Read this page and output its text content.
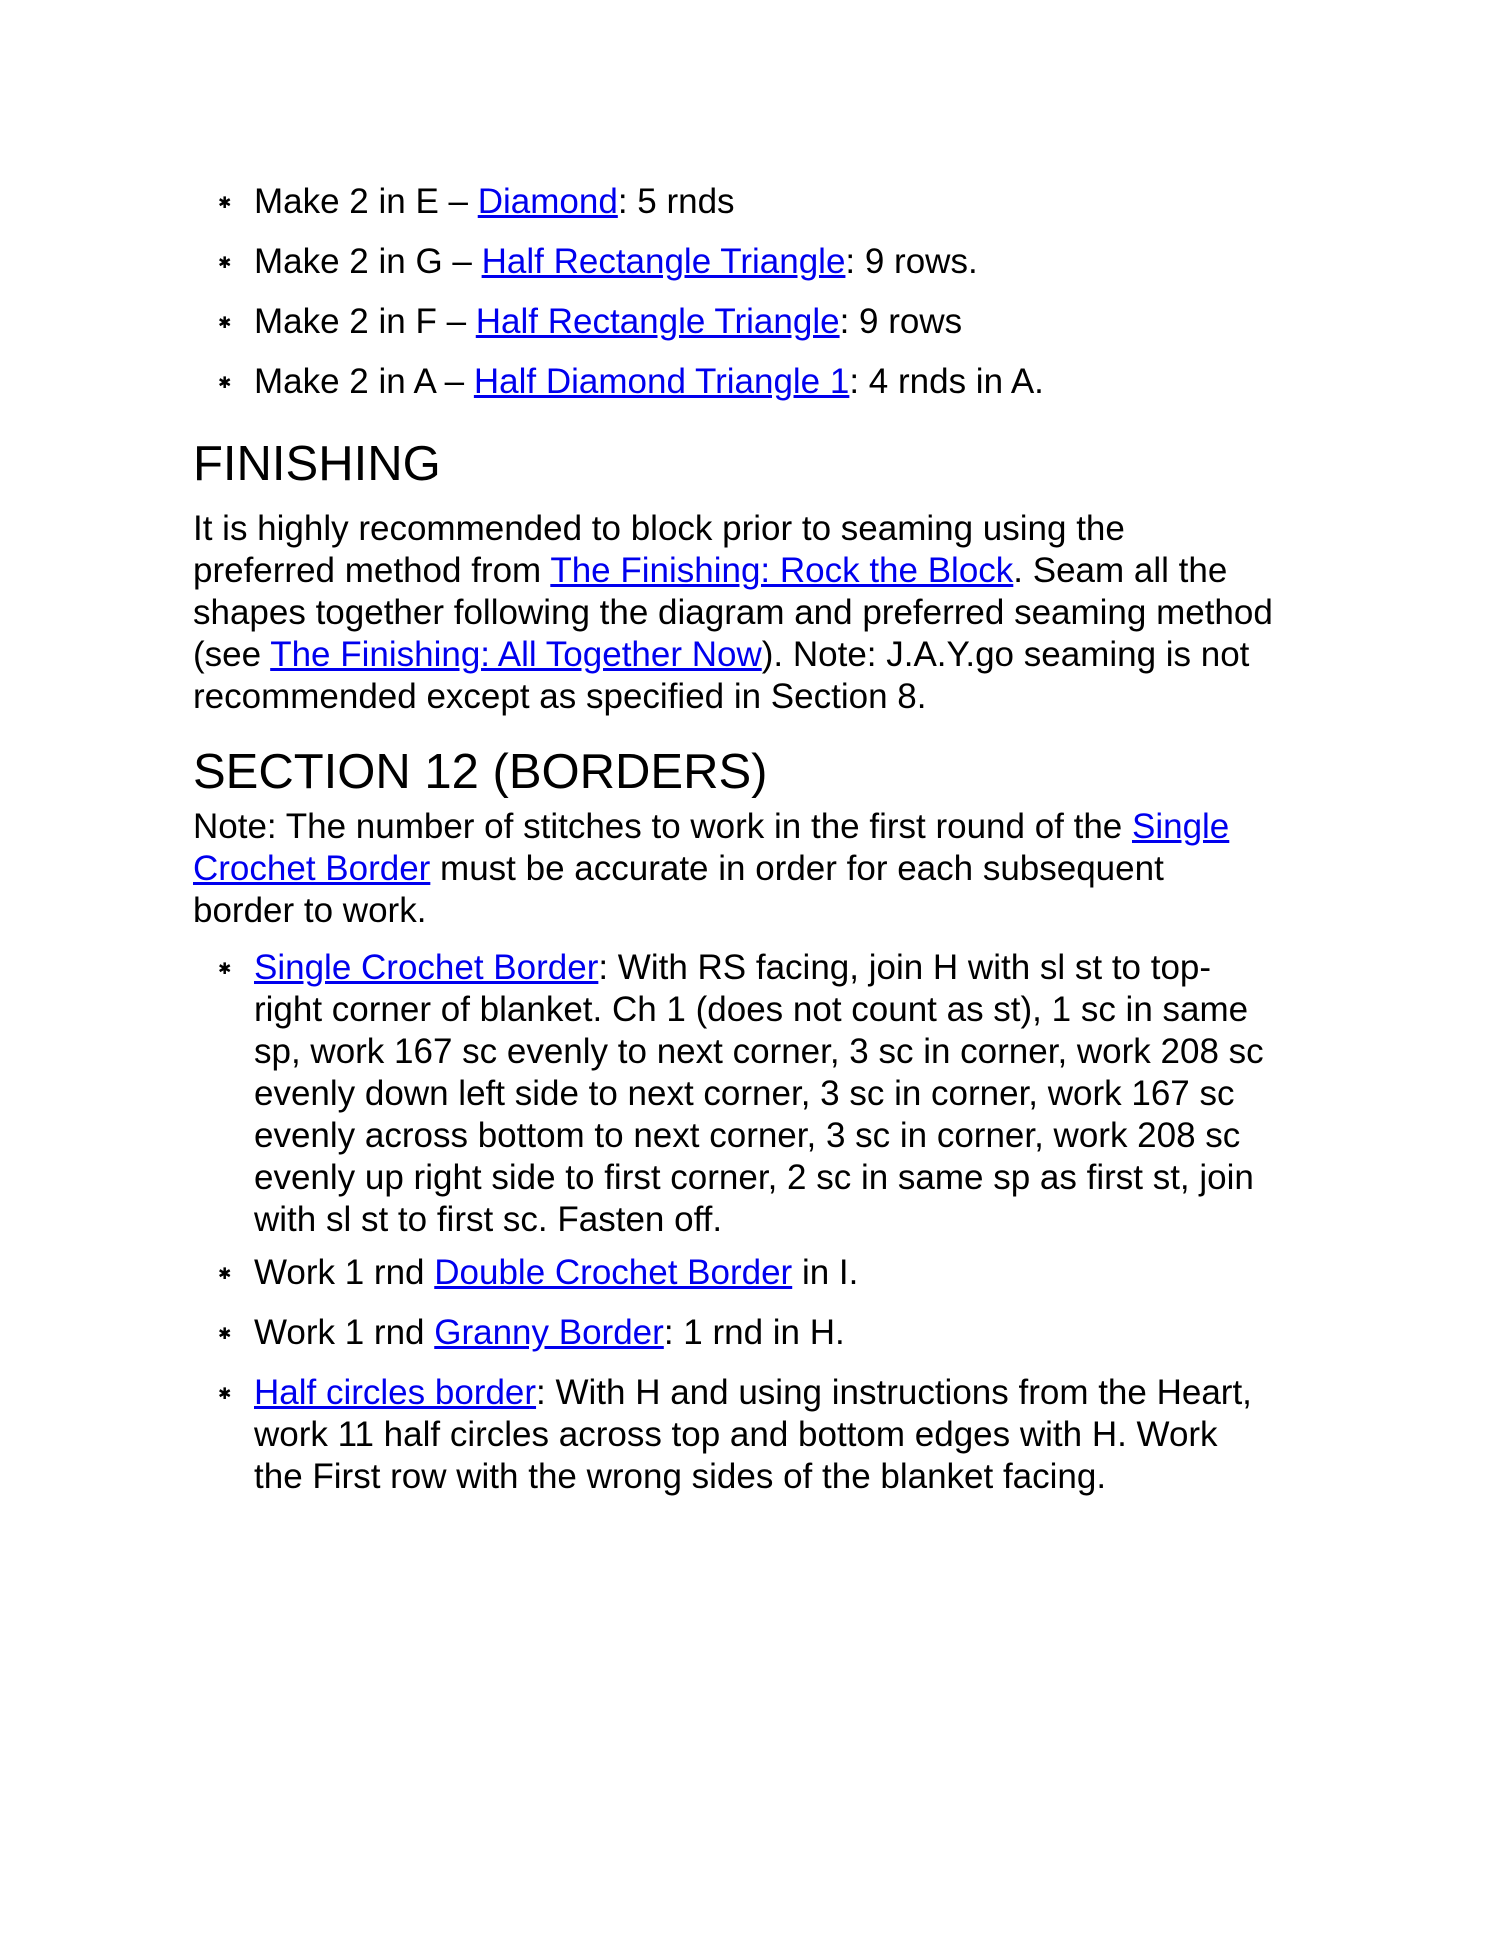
✱ Make 2 in E – Diamond: 5 rnds
✱ Make 2 in G – Half Rectangle Triangle: 9 rows.
✱ Make 2 in F – Half Rectangle Triangle: 9 rows
✱ Make 2 in A – Half Diamond Triangle 1: 4 rnds in A.
FINISHING

It is highly recommended to block prior to seaming using the preferred method from The Finishing: Rock the Block. Seam all the shapes together following the diagram and preferred seaming method (see The Finishing: All Together Now). Note: J.A.Y.go seaming is not recommended except as specified in Section 8.

SECTION 12 (BORDERS)

Note: The number of stitches to work in the first round of the Single Crochet Border must be accurate in order for each subsequent border to work.

✱ Single Crochet Border: With RS facing, join H with sl st to top-right corner of blanket. Ch 1 (does not count as st), 1 sc in same sp, work 167 sc evenly to next corner, 3 sc in corner, work 208 sc evenly down left side to next corner, 3 sc in corner, work 167 sc evenly across bottom to next corner, 3 sc in corner, work 208 sc evenly up right side to first corner, 2 sc in same sp as first st, join with sl st to first sc. Fasten off.
✱ Work 1 rnd Double Crochet Border in I.
✱ Work 1 rnd Granny Border: 1 rnd in H.
✱ Half circles border: With H and using instructions from the Heart, work 11 half circles across top and bottom edges with H. Work the First row with the wrong sides of the blanket facing.
